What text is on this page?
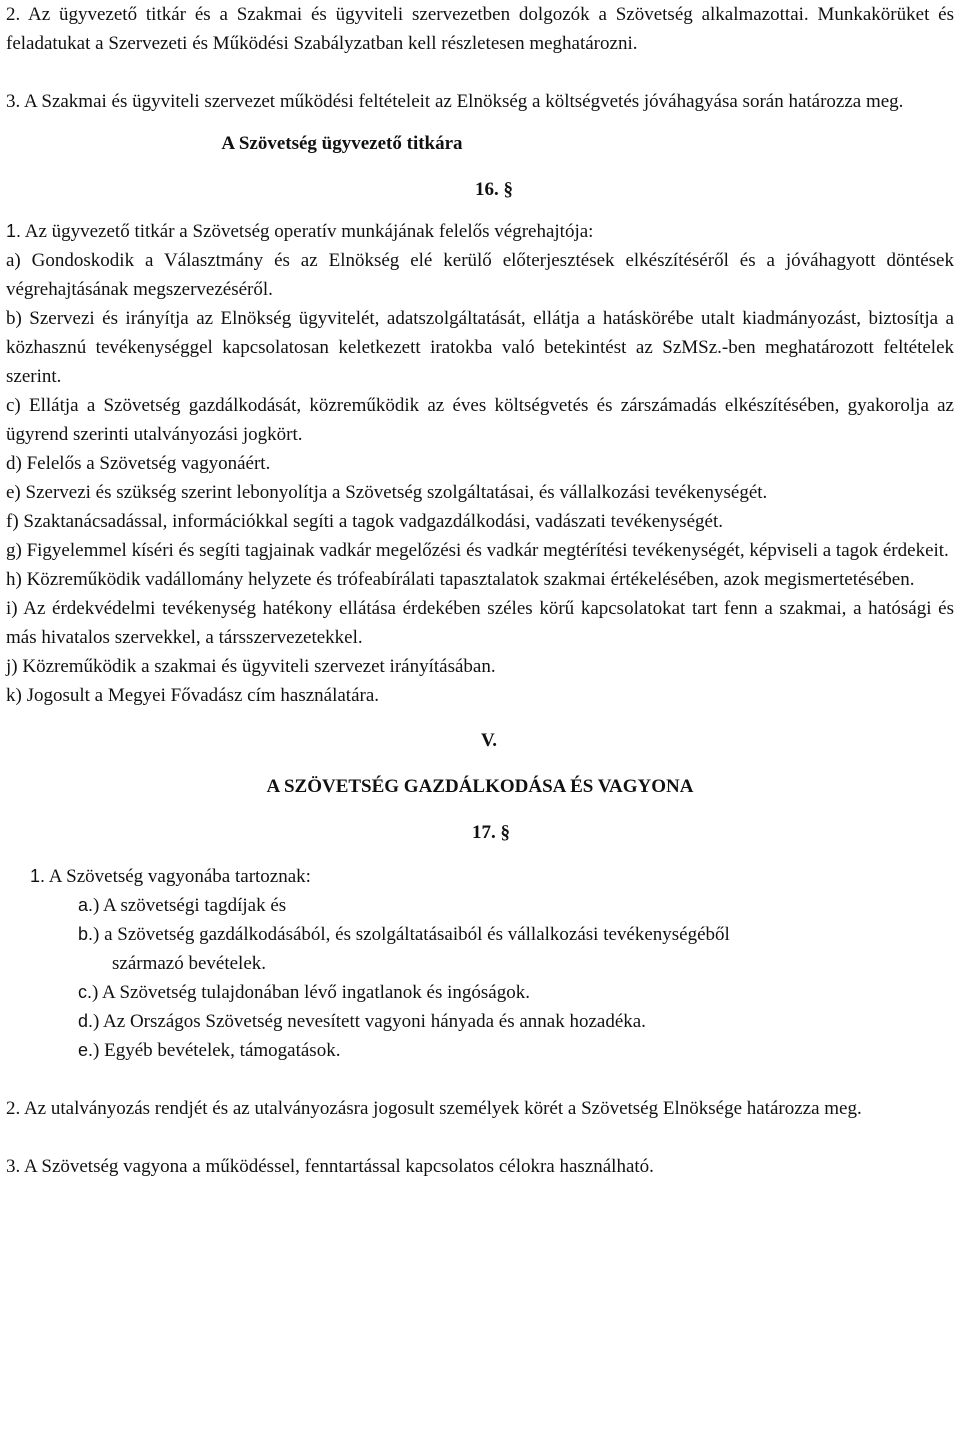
2. Az ügyvezető titkár és a Szakmai és ügyviteli szervezetben dolgozók a Szövetség alkalmazottai. Munkakörüket és feladatukat a Szervezeti és Működési Szabályzatban kell részletesen meghatározni.

3. A Szakmai és ügyviteli szervezet működési feltételeit az Elnökség a költségvetés jóváhagyása során határozza meg.

A Szövetség ügyvezető titkára

16. §

1. Az ügyvezető titkár a Szövetség operatív munkájának felelős végrehajtója:

a) Gondoskodik a Választmány és az Elnökség elé kerülő előterjesztések elkészítéséről és a jóváhagyott döntések végrehajtásának megszervezéséről.

b) Szervezi és irányítja az Elnökség ügyvitelét, adatszolgáltatását, ellátja a hatáskörébe utalt kiadmányozást, biztosítja a közhasznú tevékenységgel kapcsolatosan keletkezett iratokba való betekintést az SzMSz.-ben meghatározott feltételek szerint.

c) Ellátja a Szövetség gazdálkodását, közreműködik az éves költségvetés és zárszámadás elkészítésében, gyakorolja az ügyrend szerinti utalványozási jogkört.

d) Felelős a Szövetség vagyonáért.

e) Szervezi és szükség szerint lebonyolítja a Szövetség szolgáltatásai, és vállalkozási tevékenységét.

f) Szaktanácsadással, információkkal segíti a tagok vadgazdálkodási, vadászati tevékenységét.

g) Figyelemmel kíséri és segíti tagjainak vadkár megelőzési és vadkár megtérítési tevékenységét, képviseli a tagok érdekeit.

h) Közreműködik vadállomány helyzete és trófeabírálati tapasztalatok szakmai értékelésében, azok megismertetésében.

i) Az érdekvédelmi tevékenység hatékony ellátása érdekében széles körű kapcsolatokat tart fenn a szakmai, a hatósági és más hivatalos szervekkel, a társszervezetekkel.

j) Közreműködik a szakmai és ügyviteli szervezet irányításában.

k) Jogosult a Megyei Fővadász cím használatára.

V.

A SZÖVETSÉG GAZDÁLKODÁSA ÉS VAGYONA

17. §

1. A Szövetség vagyonába tartoznak:

a.) A szövetségi tagdíjak és

b.) a Szövetség gazdálkodásából, és szolgáltatásaiból és vállalkozási tevékenységéből

származó bevételek.

c.) A Szövetség tulajdonában lévő ingatlanok és ingóságok.

d.) Az Országos Szövetség nevesített vagyoni hányada és annak hozadéka.

e.) Egyéb bevételek, támogatások.

2. Az utalványozás rendjét és az utalványozásra jogosult személyek körét a Szövetség Elnöksége határozza meg.

3. A Szövetség vagyona a működéssel, fenntartással kapcsolatos célokra használható.
